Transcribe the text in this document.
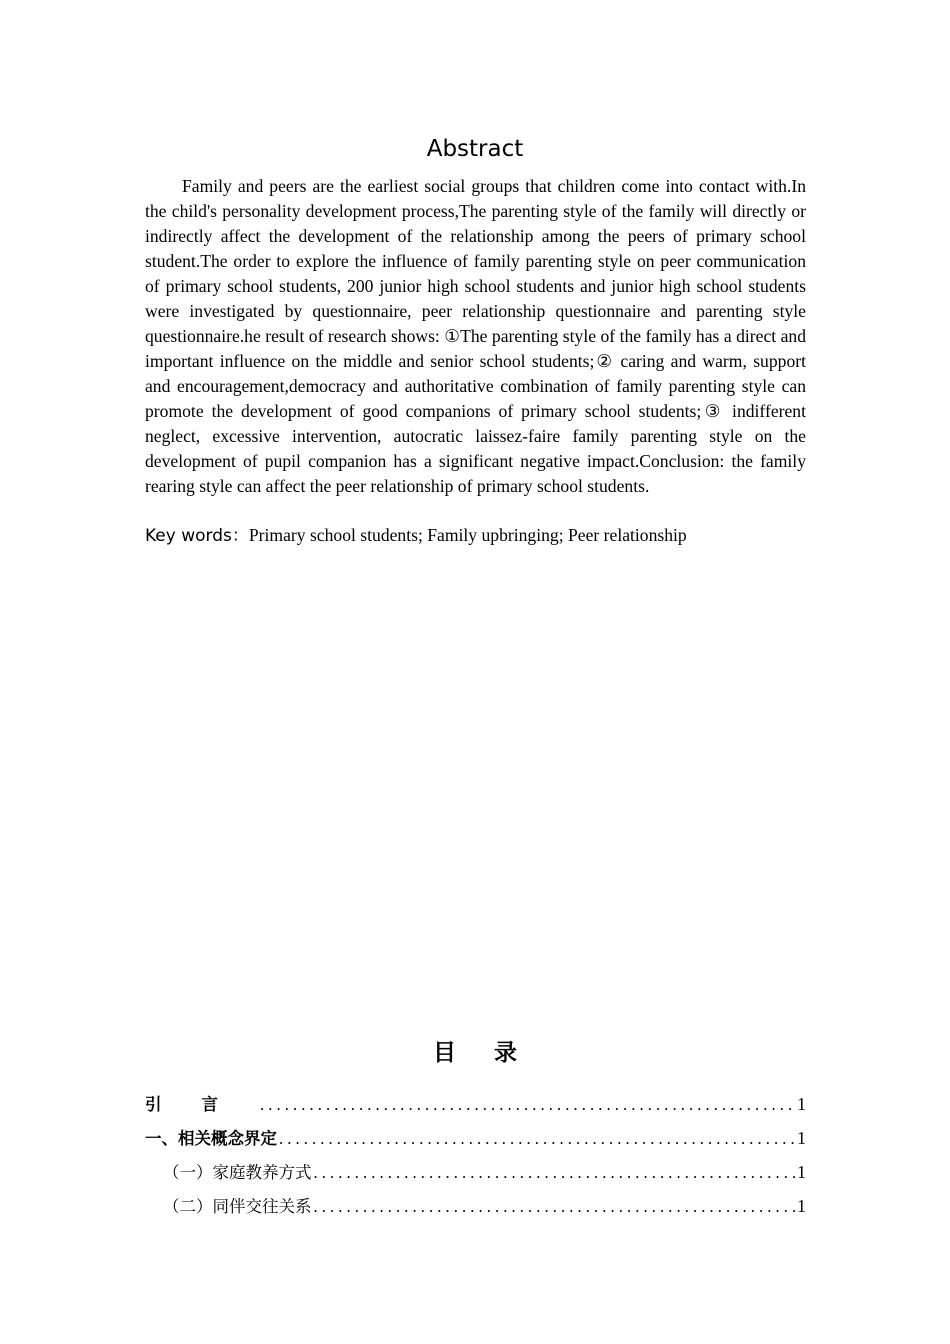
Abstract

Family and peers are the earliest social groups that children come into contact with.In the child's personality development process,The parenting style of the family will directly or indirectly affect the development of the relationship among the peers of primary school student.The order to explore the influence of family parenting style on peer communication of primary school students, 200 junior high school students and junior high school students were investigated by questionnaire, peer relationship questionnaire and parenting style questionnaire.he result of research shows: ①The parenting style of the family has a direct and important influence on the middle and senior school students;② caring and warm, support and encouragement,democracy and authoritative combination of family parenting style can promote the development of good companions of primary school students;③ indifferent neglect, excessive intervention, autocratic laissez-faire family parenting style on the development of pupil companion has a significant negative impact.Conclusion: the family rearing style can affect the peer relationship of primary school students.

Key words：Primary school students; Family upbringing; Peer relationship
目录
引言 . . .	1
一、相关概念界定 . . .	1
（一）家庭教养方式 . . .	1
（二）同伴交往关系 . . .	1
